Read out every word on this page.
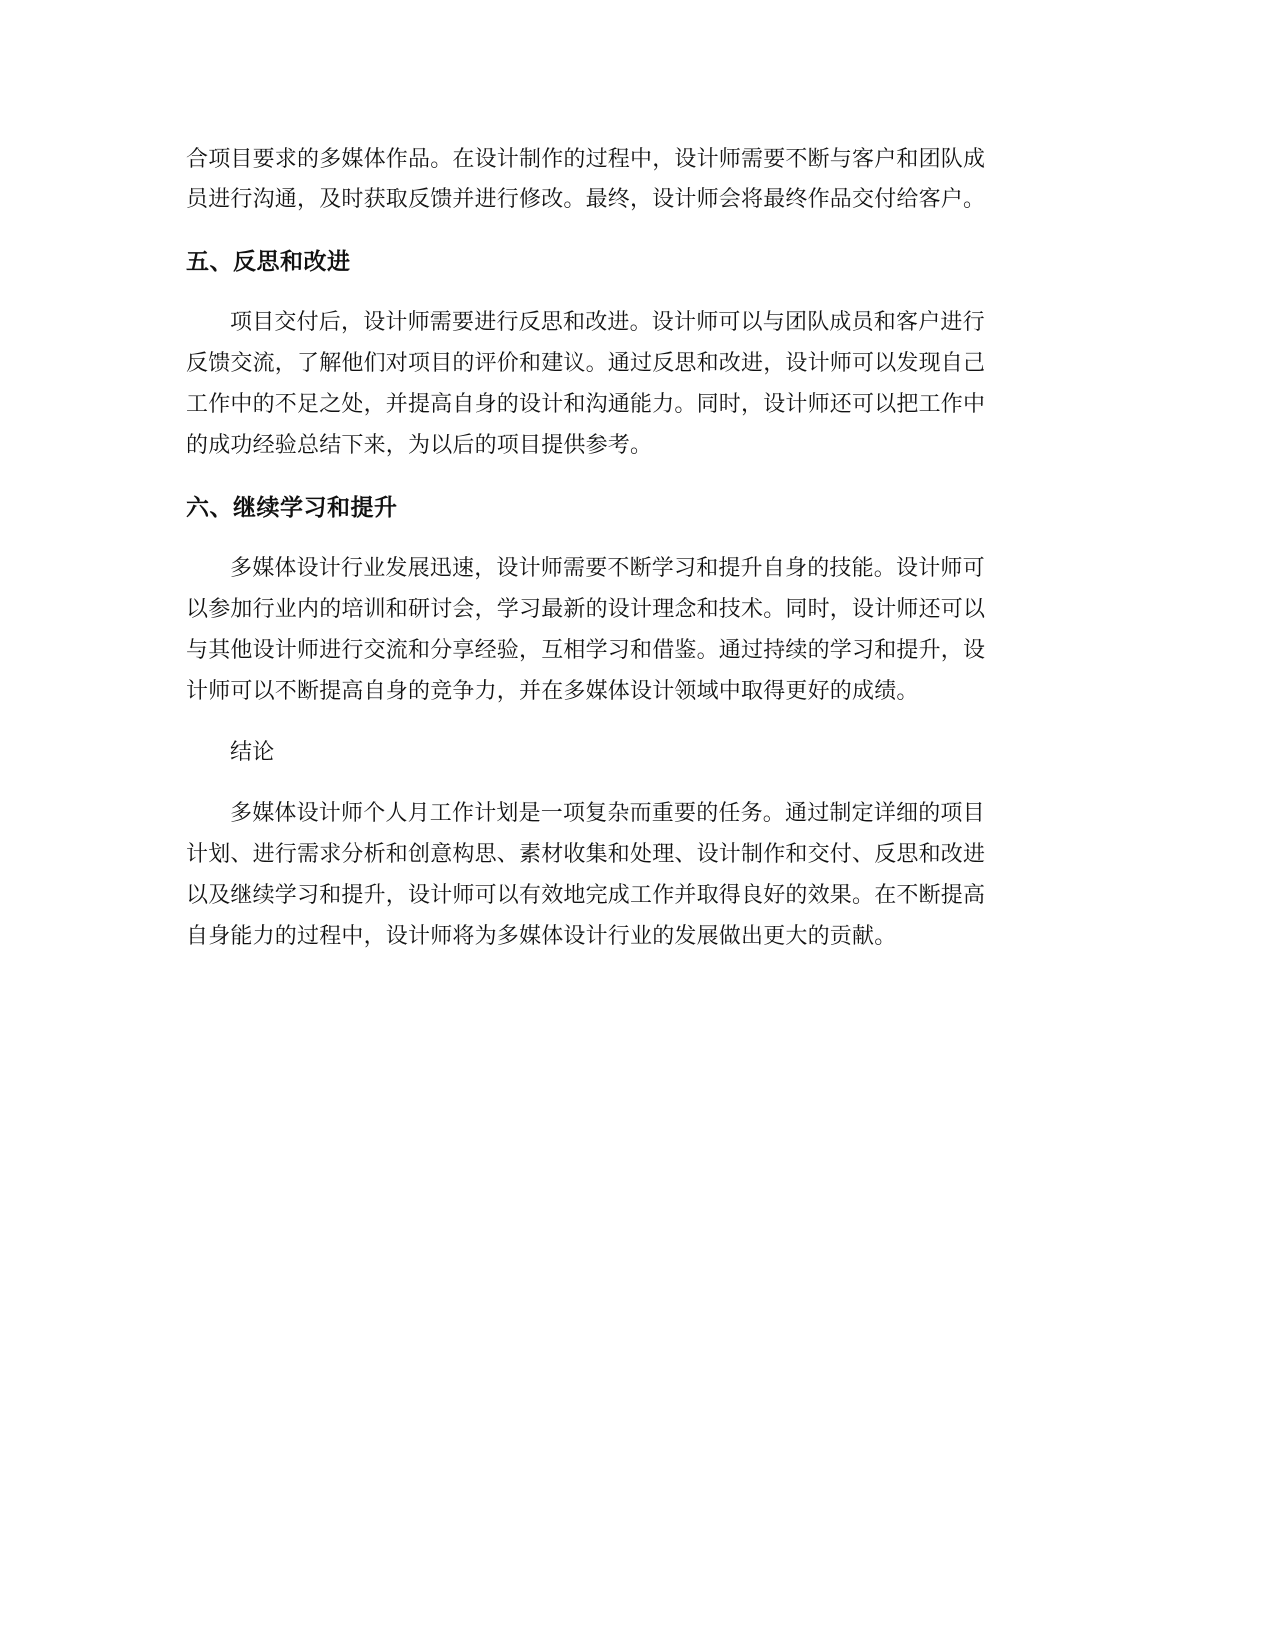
合项目要求的多媒体作品。在设计制作的过程中，设计师需要不断与客户和团队成
员进行沟通，及时获取反馈并进行修改。最终，设计师会将最终作品交付给客户。
五、反思和改进
项目交付后，设计师需要进行反思和改进。设计师可以与团队成员和客户进行
反馈交流，了解他们对项目的评价和建议。通过反思和改进，设计师可以发现自己
工作中的不足之处，并提高自身的设计和沟通能力。同时，设计师还可以把工作中
的成功经验总结下来，为以后的项目提供参考。
六、继续学习和提升
多媒体设计行业发展迅速，设计师需要不断学习和提升自身的技能。设计师可
以参加行业内的培训和研讨会，学习最新的设计理念和技术。同时，设计师还可以
与其他设计师进行交流和分享经验，互相学习和借鉴。通过持续的学习和提升，设
计师可以不断提高自身的竞争力，并在多媒体设计领域中取得更好的成绩。
结论
多媒体设计师个人月工作计划是一项复杂而重要的任务。通过制定详细的项目
计划、进行需求分析和创意构思、素材收集和处理、设计制作和交付、反思和改进
以及继续学习和提升，设计师可以有效地完成工作并取得良好的效果。在不断提高
自身能力的过程中，设计师将为多媒体设计行业的发展做出更大的贡献。
